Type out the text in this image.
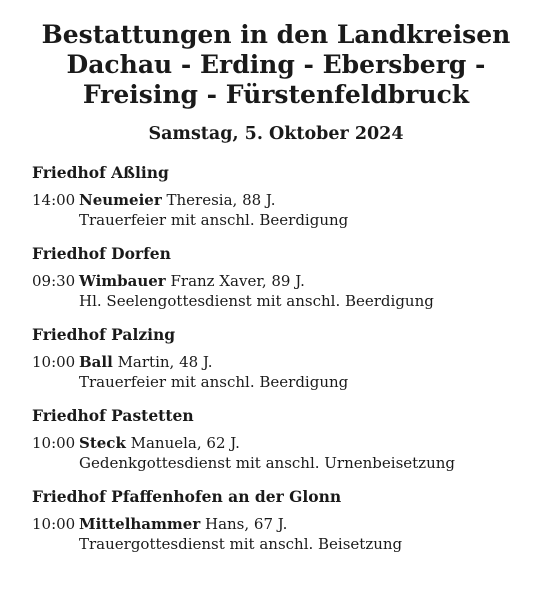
Bestattungen in den Landkreisen
Dachau - Erding - Ebersberg -
Freising - Fürstenfeldbruck
Samstag, 5. Oktober 2024
Friedhof Aßling
14:00 Neumeier Theresia, 88 J.
Trauerfeier mit anschl. Beerdigung
Friedhof Dorfen
09:30 Wimbauer Franz Xaver, 89 J.
Hl. Seelengottesdienst mit anschl. Beerdigung
Friedhof Palzing
10:00 Ball Martin, 48 J.
Trauerfeier mit anschl. Beerdigung
Friedhof Pastetten
10:00 Steck Manuela, 62 J.
Gedenkgottesdienst mit anschl. Urnenbeisetzung
Friedhof Pfaffenhofen an der Glonn
10:00 Mittelhammer Hans, 67 J.
Trauergottesdienst mit anschl. Beisetzung
